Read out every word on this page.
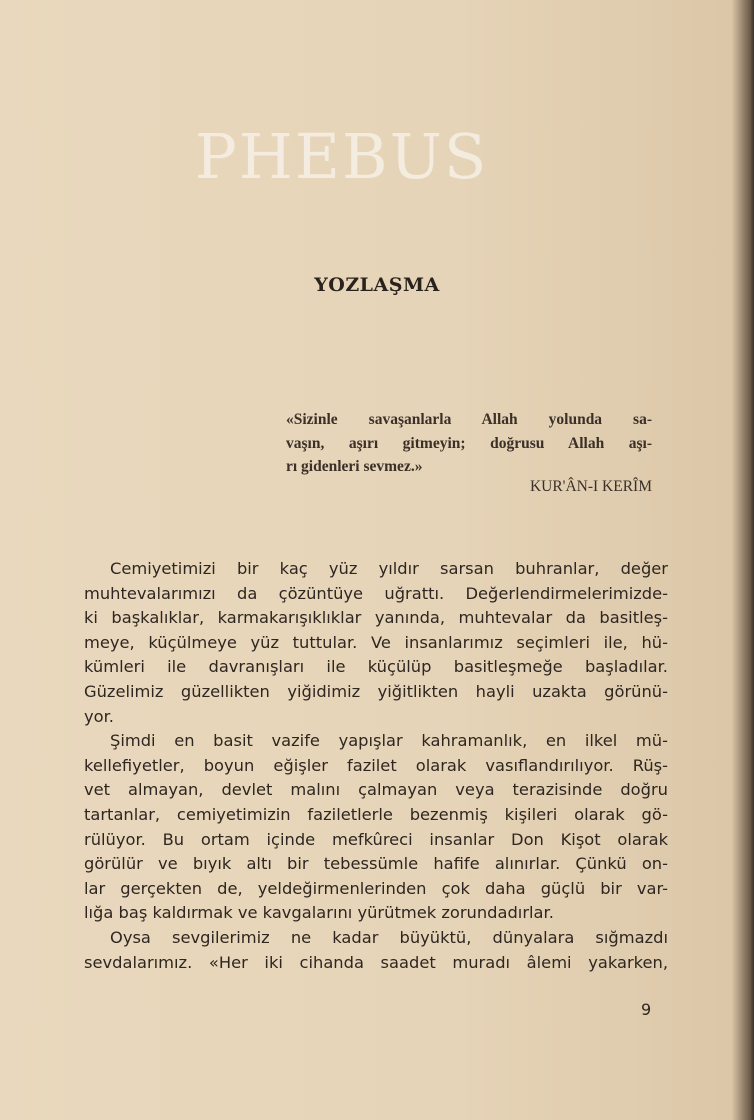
PHEBUS
YOZLAŞMA
«Sizinle savaşanlarla Allah yolunda sa-
vaşın, aşırı gitmeyin; doğrusu Allah aşı-
rı gidenleri sevmez.»
KUR'ÂN-I KERÎM
Cemiyetimizi bir kaç yüz yıldır sarsan buhranlar, değer
muhtevalarımızı da çözüntüye uğrattı. Değerlendirmelerimizde-
ki başkalıklar, karmakarışıklıklar yanında, muhtevalar da basitleş-
meye, küçülmeye yüz tuttular. Ve insanlarımız seçimleri ile, hü-
kümleri ile davranışları ile küçülüp basitleşmeğe başladılar.
Güzelimiz güzellikten yiğidimiz yiğitlikten hayli uzakta görünü-
yor.
Şimdi en basit vazife yapışlar kahramanlık, en ilkel mü-
kellefiyetler, boyun eğişler fazilet olarak vasıflandırılıyor. Rüş-
vet almayan, devlet malını çalmayan veya terazisinde doğru
tartanlar, cemiyetimizin faziletlerle bezenmiş kişileri olarak gö-
rülüyor. Bu ortam içinde mefkûreci insanlar Don Kişot olarak
görülür ve bıyık altı bir tebessümle hafife alınırlar. Çünkü on-
lar gerçekten de, yeldeğirmenlerinden çok daha güçlü bir var-
lığa baş kaldırmak ve kavgalarını yürütmek zorundadırlar.
Oysa sevgilerimiz ne kadar büyüktü, dünyalara sığmazdı
sevdalarımız. «Her iki cihanda saadet muradı âlemi yakarken,
9
